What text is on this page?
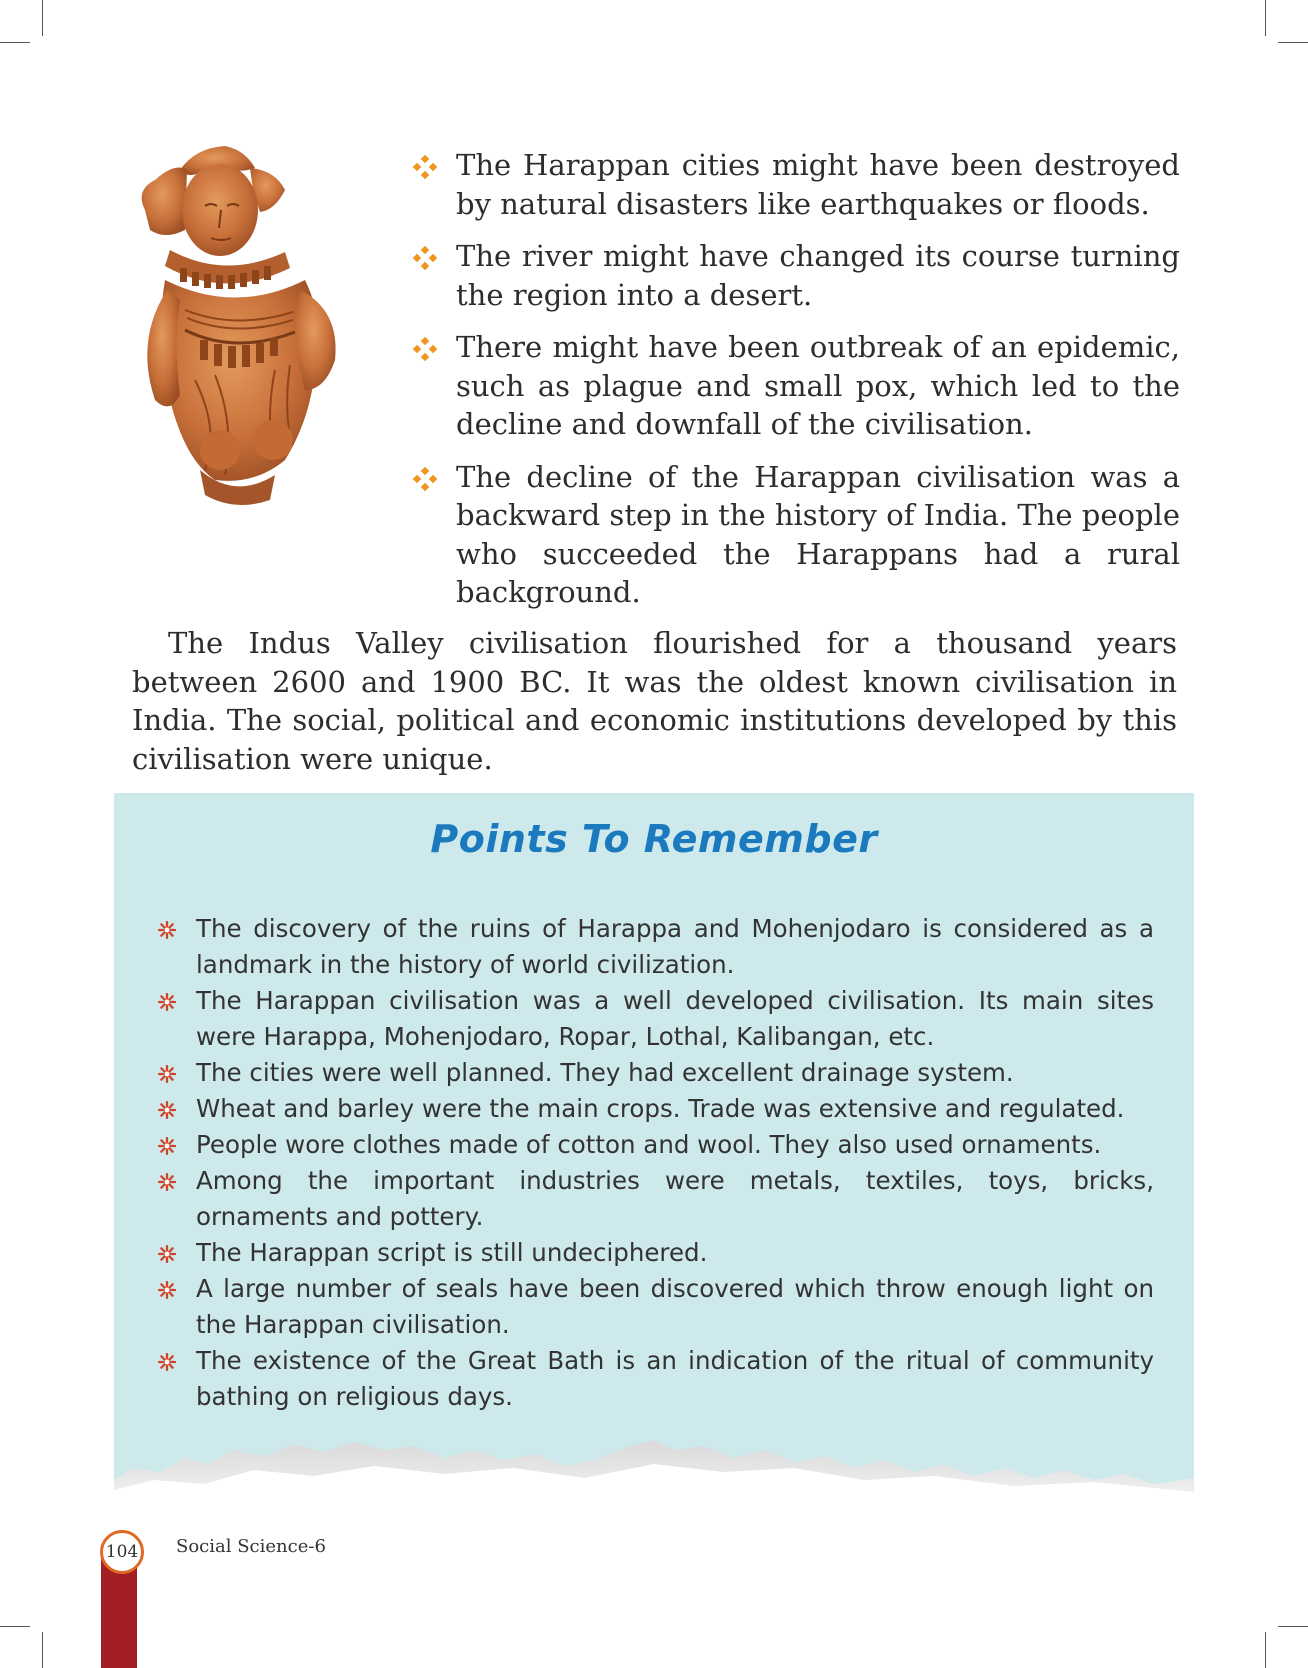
The Harappan cities might have been destroyed by natural disasters like earthquakes or floods.
The river might have changed its course turning the region into a desert.
There might have been outbreak of an epidemic, such as plague and small pox, which led to the decline and downfall of the civilisation.
The decline of the Harappan civilisation was a backward step in the history of India. The people who succeeded the Harappans had a rural background.

The Indus Valley civilisation flourished for a thousand years between 2600 and 1900 BC. It was the oldest known civilisation in India. The social, political and economic institutions developed by this civilisation were unique.

Points To Remember
The discovery of the ruins of Harappa and Mohenjodaro is considered as a landmark in the history of world civilization.
The Harappan civilisation was a well developed civilisation. Its main sites were Harappa, Mohenjodaro, Ropar, Lothal, Kalibangan, etc.
The cities were well planned. They had excellent drainage system.
Wheat and barley were the main crops. Trade was extensive and regulated.
People wore clothes made of cotton and wool. They also used ornaments.
Among the important industries were metals, textiles, toys, bricks, ornaments and pottery.
The Harappan script is still undeciphered.
A large number of seals have been discovered which throw enough light on the Harappan civilisation.
The existence of the Great Bath is an indication of the ritual of community bathing on religious days.
104	Social Science-6
